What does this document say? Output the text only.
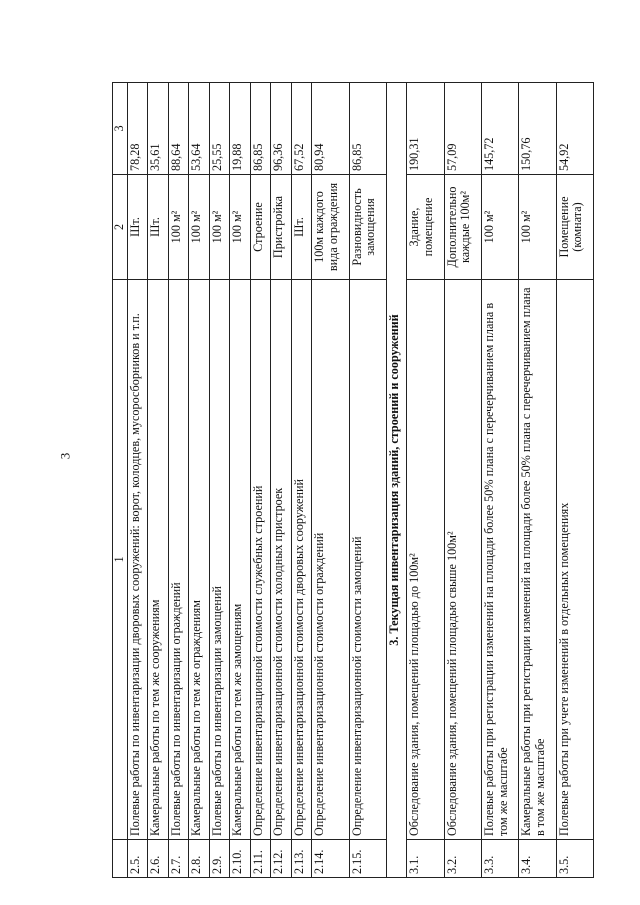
3
	1	2	3
2.5.	Полевые работы по инвентаризации дворовых сооружений: ворот, колодцев, мусоросборников и т.п.	Шт.	78,28
2.6.	Камеральные работы по тем же сооружениям	Шт.	35,61
2.7.	Полевые работы по инвентаризации ограждений	100 м²	88,64
2.8.	Камеральные работы по тем же ограждениям	100 м²	53,64
2.9.	Полевые работы по инвентаризации замощений	100 м²	25,55
2.10.	Камеральные работы по тем же замощениям	100 м²	19,88
2.11.	Определение инвентаризационной стоимости служебных строений	Строение	86,85
2.12.	Определение инвентаризационной стоимости холодных пристроек	Пристройка	96,36
2.13.	Определение инвентаризационной стоимости дворовых сооружений	Шт.	67,52
2.14.	Определение инвентаризационной стоимости ограждений	100м каждого вида ограждения	80,94
2.15.	Определение инвентаризационной стоимости замощений	Разновидность замощения	86,85
3. Текущая инвентаризация зданий, строений и сооружений			
3.1.	Обследование здания, помещений площадью до 100м²	Здание, помещение	190,31
3.2.	Обследование здания, помещений площадью свыше 100м²	Дополнительно каждые 100м²	57,09
3.3.	Полевые работы при регистрации изменений на площади более 50% плана с перечерчиванием плана в том же масштабе	100 м²	145,72
3.4.	Камеральные работы при регистрации изменений на площади более 50% плана с перечерчиванием плана в том же масштабе	100 м²	150,76
3.5.	Полевые работы при учете изменений в отдельных помещениях	Помещение (комната)	54,92
